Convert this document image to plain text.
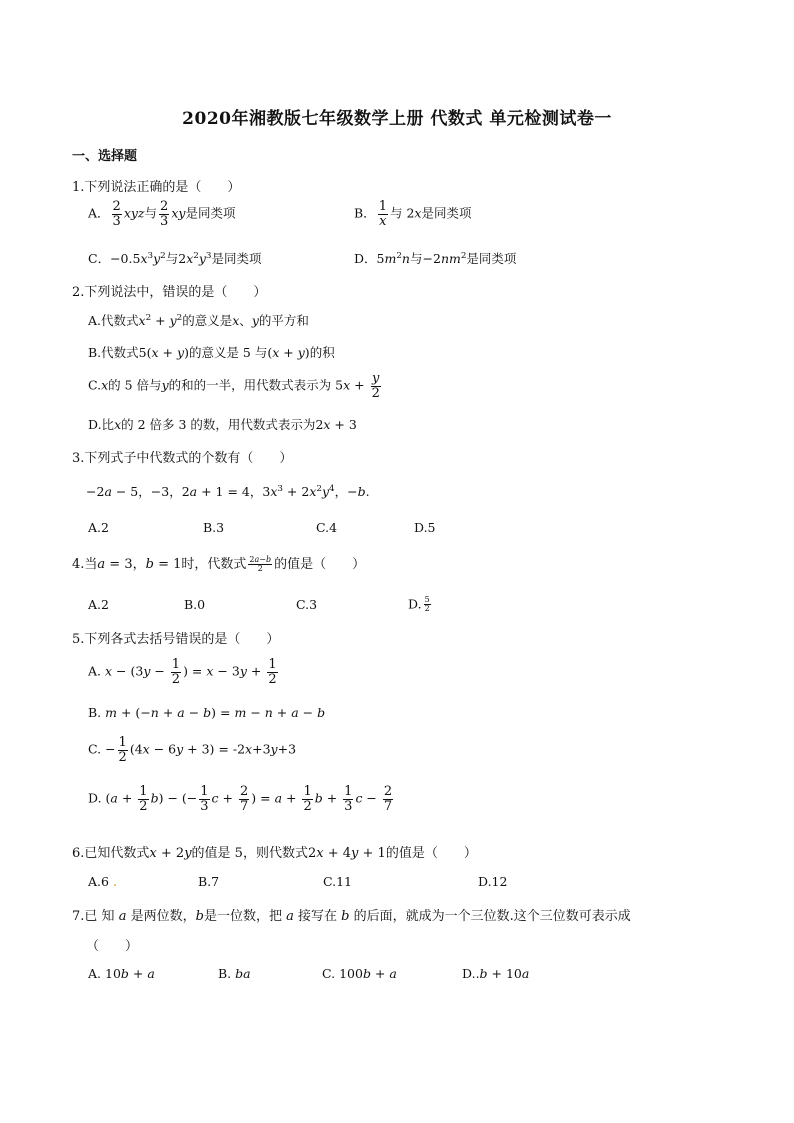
2020年湘教版七年级数学上册 代数式 单元检测试卷一
一、选择题
1.下列说法正确的是（　　）
A． $\frac{2}{3}$ xyz与 $\frac{2}{3}$ xy是同类项	B． $\frac{1}{x}$ 与 2x是同类项
C．$-0.5x^3y^2$与$2x^2y^3$是同类项	D．$5m^2n$与$-2nm^2$是同类项
2.下列说法中，错误的是（　　）
A.代数式$x^2 + y^2$的意义是x、y的平方和
B.代数式5(x + y)的意义是 5 与(x + y)的积
C.x的 5 倍与y的和的一半，用代数式表示为 $5x + \frac{y}{2}$
D.比x的 2 倍多 3 的数，用代数式表示为2x + 3
3.下列式子中代数式的个数有（　　）
−2a − 5，−3，2a + 1 = 4，$3x^3 + 2x^2y^4$，−b.
A.2	B.3	C.4	D.5
4.当a = 3，b = 1时，代数式 $\frac{2a-b}{2}$ 的值是（　　）
A.2	B.0	C.3	D. $\frac{5}{2}$
5.下列各式去括号错误的是（　　）
A. $x - (3y - \frac{1}{2}$ ) = $x - 3y + \frac{1}{2}$
B. m + (−n + a − b) = m − n + a − b
C. − $\frac{1}{2} (4x - 6y + 3) = -2x+3y+3$
D. $(a + \frac{1}{2} b)$ − (− $\frac{1}{3}$ $c + \frac{2}{7}$ ) = $a + \frac{1}{2}$ $b + \frac{1}{3}$ $c - \frac{2}{7}$
6.已知代数式x + 2y的值是 5，则代数式2x + 4y + 1的值是（　　）
A.6 .	B.7	C.11	D.12
7.已 知 a 是两位数，b是一位数，把 a 接写在 b 的后面，就成为一个三位数.这个三位数可表示成
（　　）
A. 10b + a	B. ba	C. 100b + a	D..b + 10a
